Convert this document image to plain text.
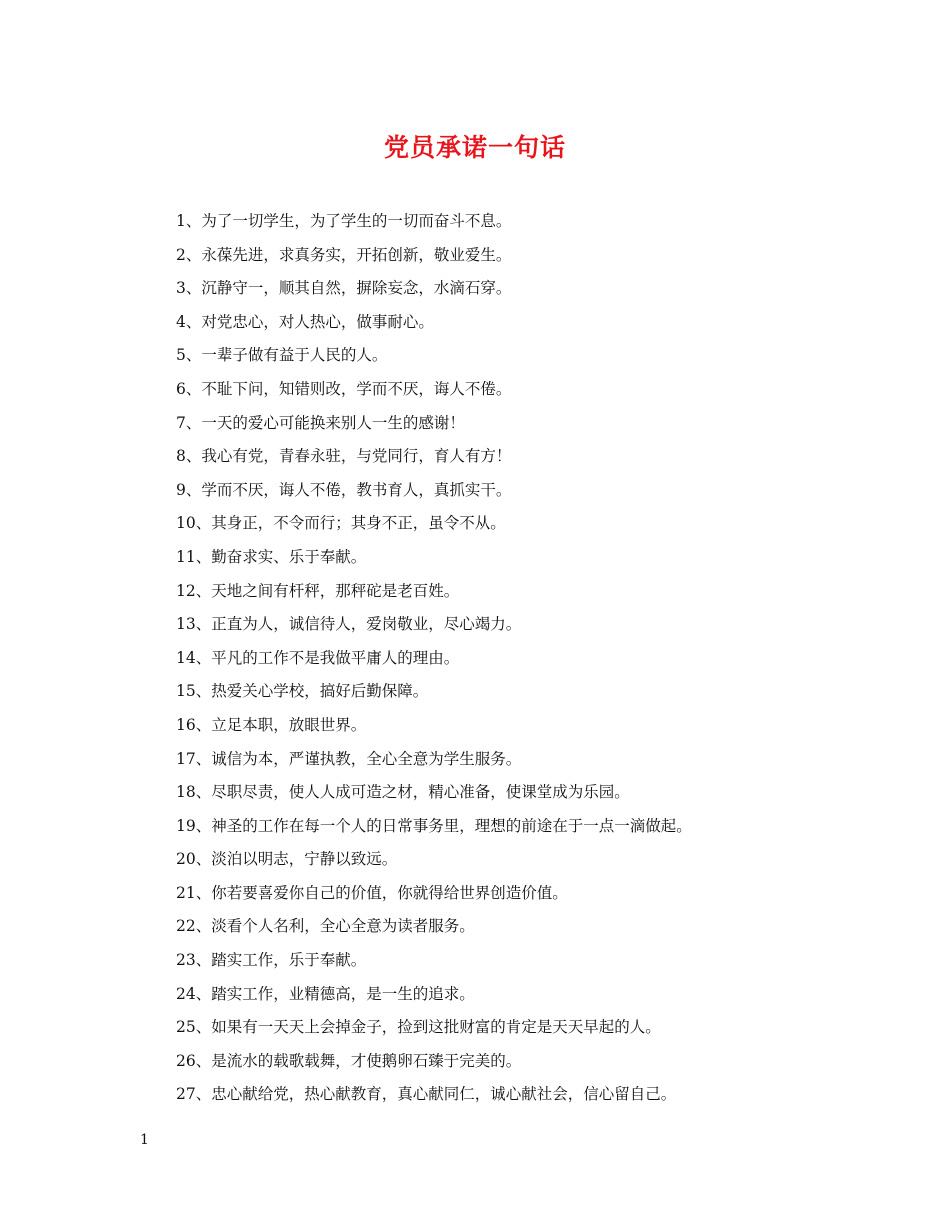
党员承诺一句话
1、为了一切学生，为了学生的一切而奋斗不息。
2、永葆先进，求真务实，开拓创新，敬业爱生。
3、沉静守一，顺其自然，摒除妄念，水滴石穿。
4、对党忠心，对人热心，做事耐心。
5、一辈子做有益于人民的人。
6、不耻下问，知错则改，学而不厌，诲人不倦。
7、一天的爱心可能换来别人一生的感谢！
8、我心有党，青春永驻，与党同行，育人有方！
9、学而不厌，诲人不倦，教书育人，真抓实干。
10、其身正，不令而行；其身不正，虽令不从。
11、勤奋求实、乐于奉献。
12、天地之间有杆秤，那秤砣是老百姓。
13、正直为人，诚信待人，爱岗敬业，尽心竭力。
14、平凡的工作不是我做平庸人的理由。
15、热爱关心学校，搞好后勤保障。
16、立足本职，放眼世界。
17、诚信为本，严谨执教，全心全意为学生服务。
18、尽职尽责，使人人成可造之材，精心准备，使课堂成为乐园。
19、神圣的工作在每一个人的日常事务里，理想的前途在于一点一滴做起。
20、淡泊以明志，宁静以致远。
21、你若要喜爱你自己的价值，你就得给世界创造价值。
22、淡看个人名利，全心全意为读者服务。
23、踏实工作，乐于奉献。
24、踏实工作，业精德高，是一生的追求。
25、如果有一天天上会掉金子，捡到这批财富的肯定是天天早起的人。
26、是流水的载歌载舞，才使鹅卵石臻于完美的。
27、忠心献给党，热心献教育，真心献同仁，诚心献社会，信心留自己。
1
